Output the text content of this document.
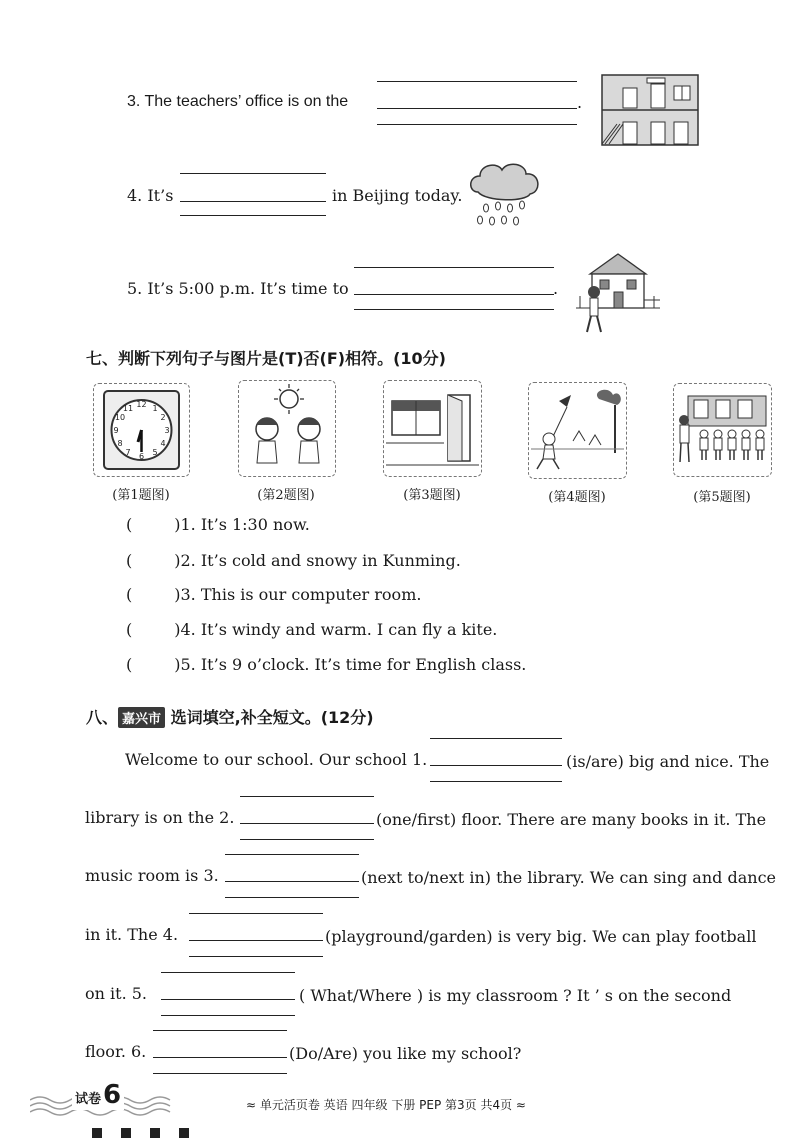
3. The teachers’ office is on the	.
4. It’s	in Beijing today.
5. It’s 5:00 p.m. It’s time to	.
七、判断下列句子与图片是(T)否(F)相符。(10分)
12
6
9	3
1
2
4
5
7
8
10
11
(第1题图)	(第2题图)	(第3题图)	(第4题图)	(第5题图)
(	)1. It’s 1:30 now.
(	)2. It’s cold and snowy in Kunming.
(	)3. This is our computer room.
(	)4. It’s windy and warm. I can fly a kite.
(	)5. It’s 9 o’clock. It’s time for English class.
八、 嘉兴市 选词填空,补全短文。(12分)
Welcome to our school. Our school 1.	(is/are) big and nice. The
library is on the 2.	(one/first) floor. There are many books in it. The
music room is 3.	(next to/next in) the library. We can sing and dance
in it. The 4.	(playground/garden) is very big. We can play football
on it. 5.	( What/Where ) is my classroom ? It ’ s on the second
floor. 6.	(Do/Are) you like my school?
试卷6	≈ 单元活页卷 英语 四年级 下册 PEP 第3页 共4页 ≈
